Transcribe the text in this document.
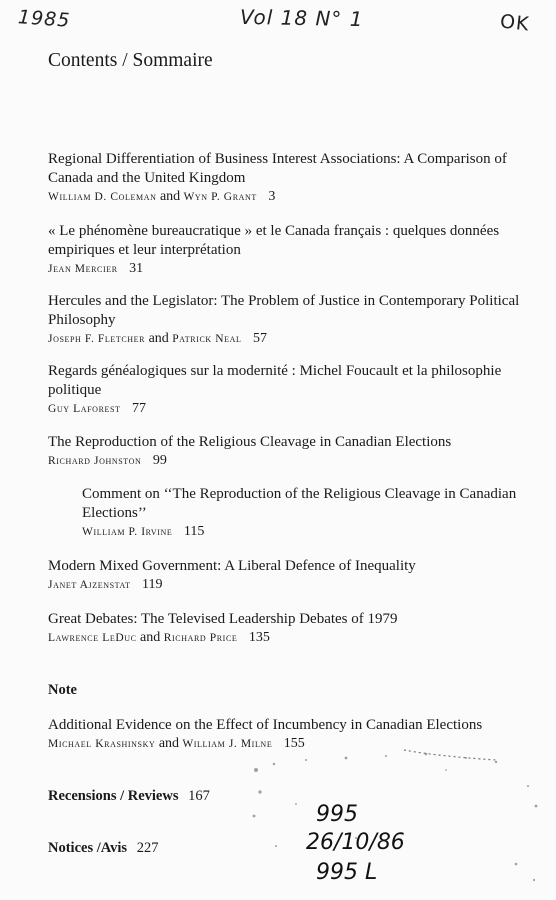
1985	Vol 18 N° 1	OK
Contents / Sommaire
Regional Differentiation of Business Interest Associations: A Comparison of Canada and the United Kingdom
William D. Coleman and Wyn P. Grant 3
« Le phénomène bureaucratique » et le Canada français : quelques données empiriques et leur interprétation
Jean Mercier 31
Hercules and the Legislator: The Problem of Justice in Contemporary Political Philosophy
Joseph F. Fletcher and Patrick Neal 57
Regards généalogiques sur la modernité : Michel Foucault et la philosophie politique
Guy Laforest 77
The Reproduction of the Religious Cleavage in Canadian Elections
Richard Johnston 99
Comment on ‘‘The Reproduction of the Religious Cleavage in Canadian Elections’’
William P. Irvine 115
Modern Mixed Government: A Liberal Defence of Inequality
Janet Ajzenstat 119
Great Debates: The Televised Leadership Debates of 1979
Lawrence LeDuc and Richard Price 135
Note
Additional Evidence on the Effect of Incumbency in Canadian Elections
Michael Krashinsky and William J. Milne 155
Recensions / Reviews 167
Notices /Avis 227
995
26/10/86
995 L
